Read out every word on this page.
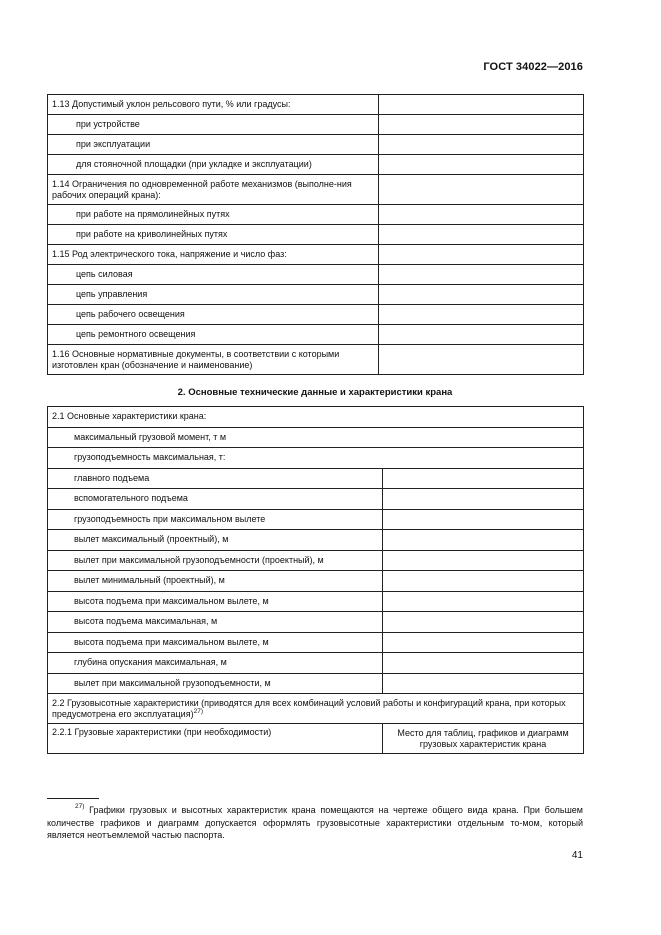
ГОСТ 34022—2016
1.13 Допустимый уклон рельсового пути, % или градусы:	
при устройстве	
при эксплуатации	
для стояночной площадки (при укладке и эксплуатации)	
1.14 Ограничения по одновременной работе механизмов (выполне-ния рабочих операций крана):	
при работе на прямолинейных путях	
при работе на криволинейных путях	
1.15 Род электрического тока, напряжение и число фаз:	
цепь силовая	
цепь управления	
цепь рабочего освещения	
цепь ремонтного освещения	
1.16 Основные нормативные документы, в соответствии с которыми изготовлен кран (обозначение и наименование)	
2. Основные технические данные и характеристики крана
2.1 Основные характеристики крана:	
максимальный грузовой момент, т м	
грузоподъемность максимальная, т:	
главного подъема	
вспомогательного подъема	
грузоподъемность при максимальном вылете	
вылет максимальный (проектный), м	
вылет при максимальной грузоподъемности (проектный), м	
вылет минимальный (проектный), м	
высота подъема при максимальном вылете, м	
высота подъема максимальная, м	
высота подъема при максимальном вылете, м	
глубина опускания максимальная, м	
вылет при максимальной грузоподъемности, м	
2.2 Грузовысотные характеристики (приводятся для всех комбинаций условий работы и конфигураций крана, при которых предусмотрена его эксплуатация)$^{27)}$
2.2.1 Грузовые характеристики (при необходимости)	Место для таблиц, графиков и диаграмм грузовых характеристик крана
$^{27)}$ Графики грузовых и высотных характеристик крана помещаются на чертеже общего вида крана. При большем количестве графиков и диаграмм допускается оформлять грузовысотные характеристики отдельным то-мом, который является неотъемлемой частью паспорта.
41
